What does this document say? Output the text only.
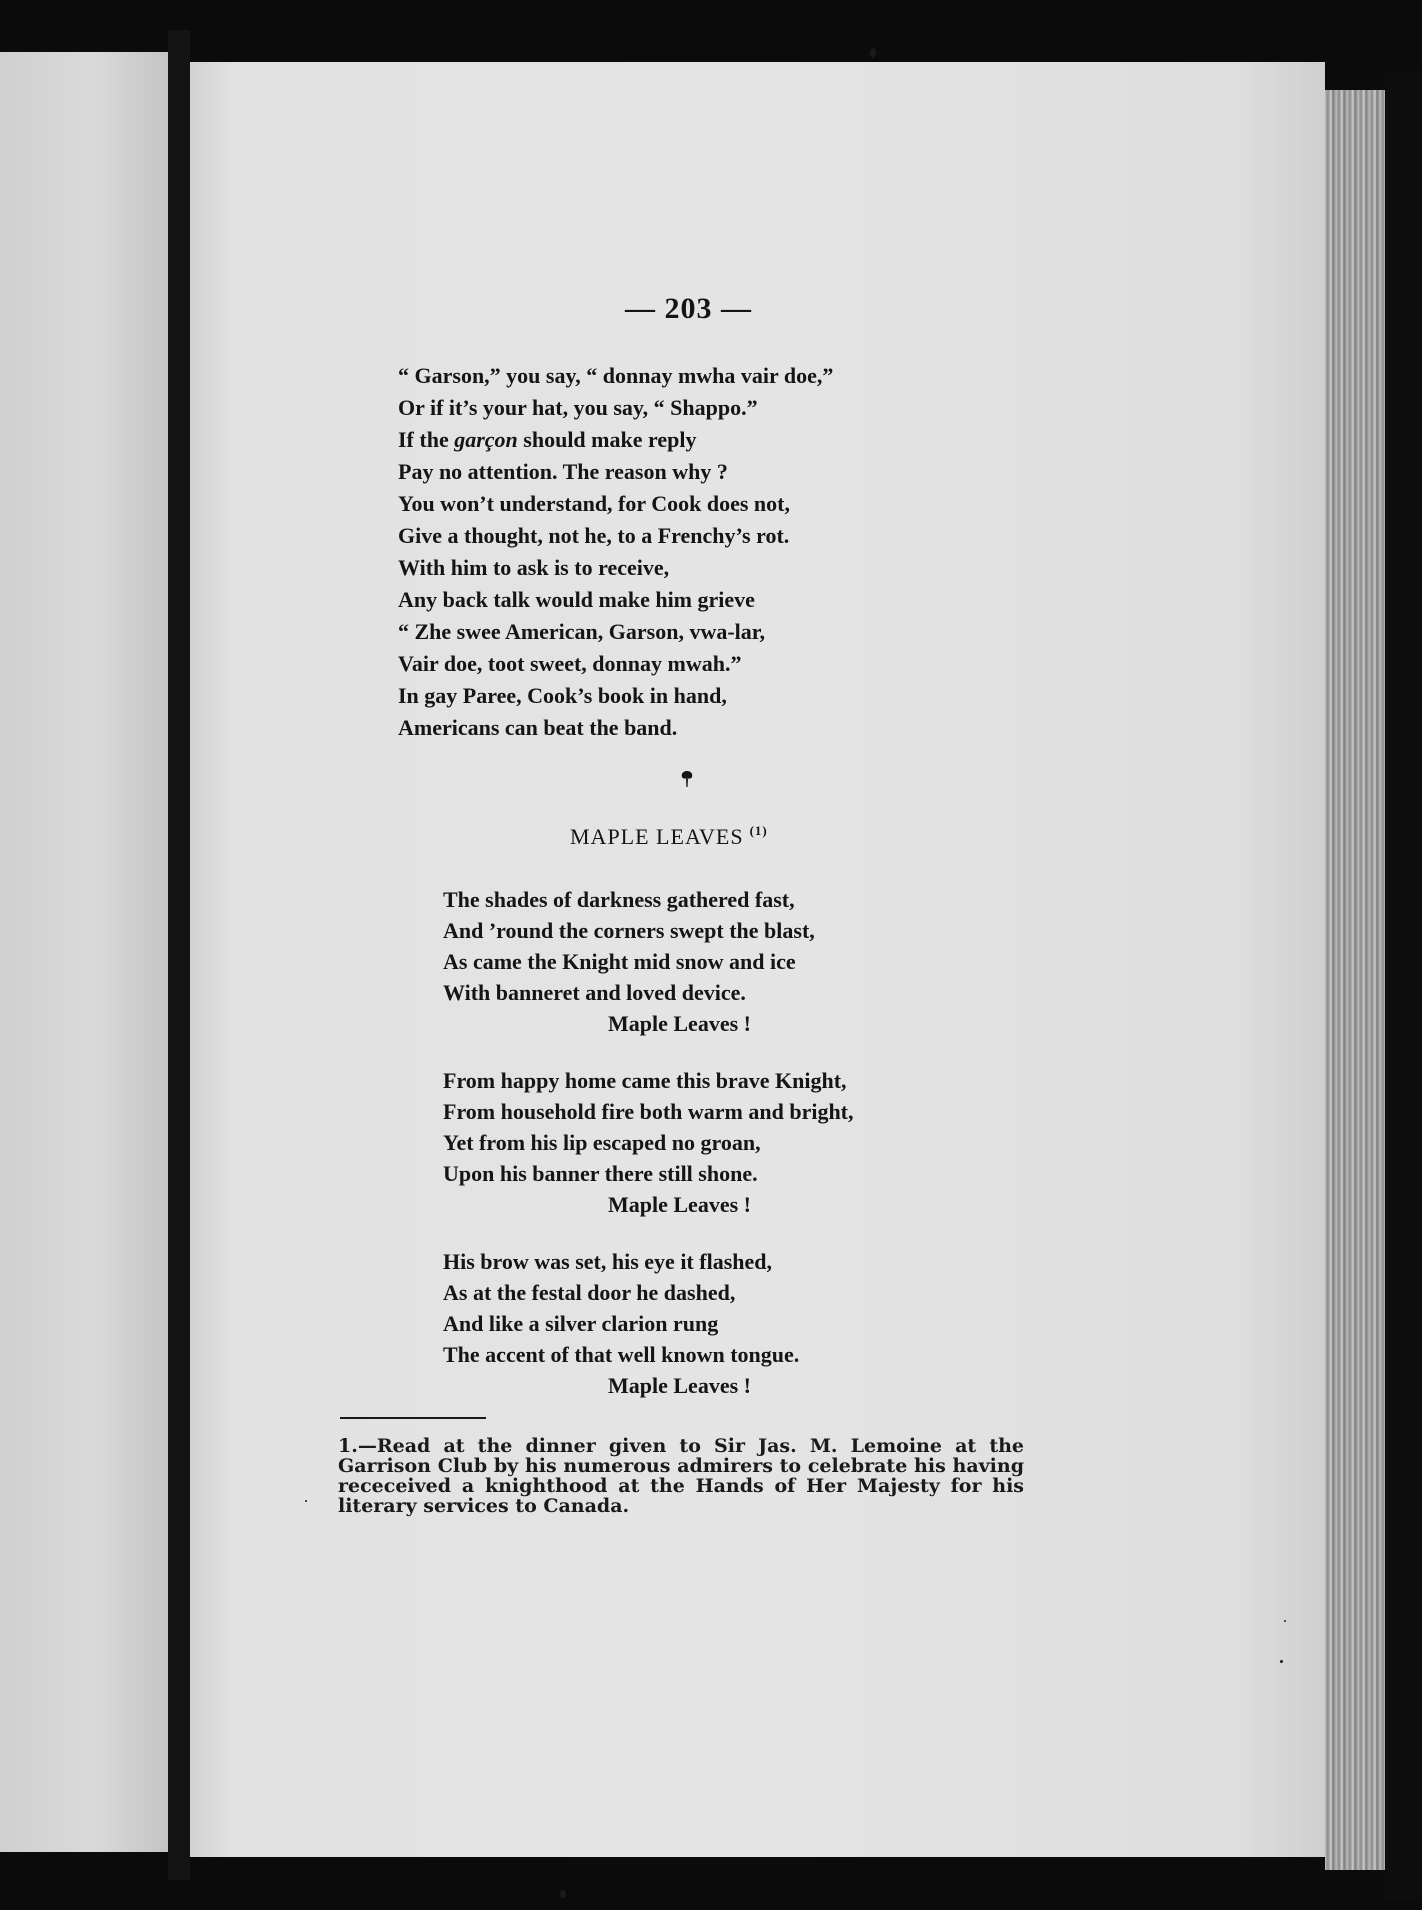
— 203 —
“ Garson,” you say, “ donnay mwha vair doe,”
Or if it’s your hat, you say, “ Shappo.”
If the garçon should make reply
Pay no attention. The reason why ?
You won’t understand, for Cook does not,
Give a thought, not he, to a Frenchy’s rot.
With him to ask is to receive,
Any back talk would make him grieve
“ Zhe swee American, Garson, vwa-lar,
Vair doe, toot sweet, donnay mwah.”
In gay Paree, Cook’s book in hand,
Americans can beat the band.
MAPLE LEAVES $^{(1)}$
The shades of darkness gathered fast,
And ’round the corners swept the blast,
As came the Knight mid snow and ice
With banneret and loved device.
Maple Leaves !
From happy home came this brave Knight,
From household fire both warm and bright,
Yet from his lip escaped no groan,
Upon his banner there still shone.
Maple Leaves !
His brow was set, his eye it flashed,
As at the festal door he dashed,
And like a silver clarion rung
The accent of that well known tongue.
Maple Leaves !
1.—Read at the dinner given to Sir Jas. M. Lemoine at the
Garrison Club by his numerous admirers to celebrate his having
receceived a knighthood at the Hands of Her Majesty for his
literary services to Canada.
